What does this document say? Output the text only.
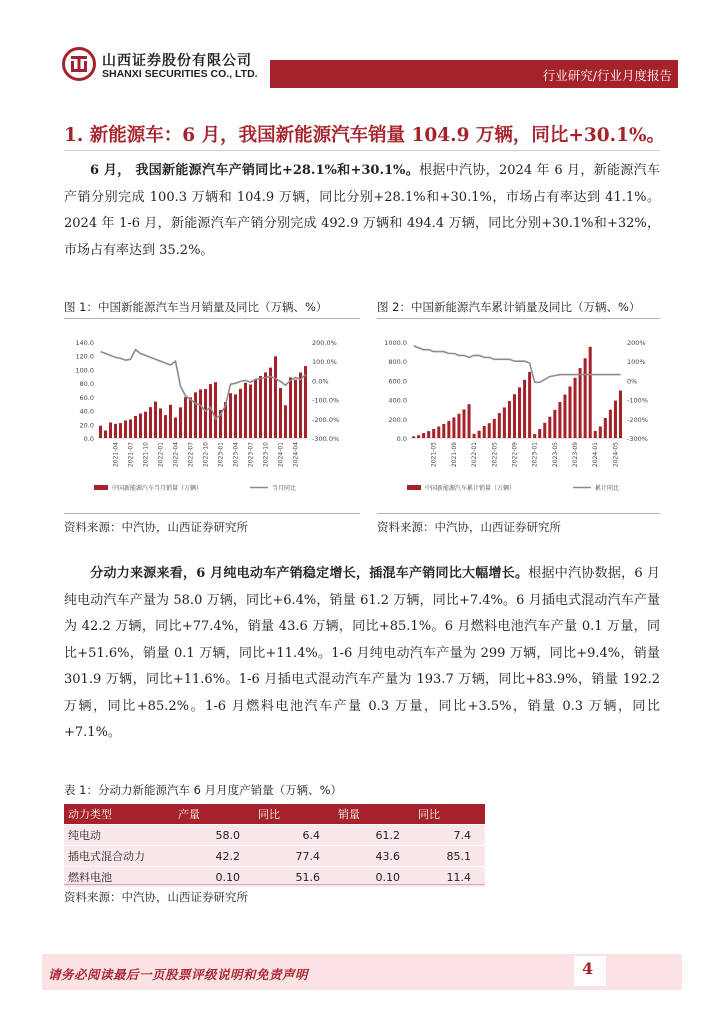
山西证券股份有限公司
SHANXI SECURITIES CO., LTD.	行业研究/行业月度报告
1. 新能源车：6 月，我国新能源汽车销量 104.9 万辆，同比+30.1%。
6 月， 我国新能源汽车产销同比+28.1%和+30.1%。根据中汽协，2024 年 6 月，新能源汽车产销分别完成 100.3 万辆和 104.9 万辆，同比分别+28.1%和+30.1%，市场占有率达到 41.1%。2024 年 1-6 月，新能源汽车产销分别完成 492.9 万辆和 494.4 万辆，同比分别+30.1%和+32%，市场占有率达到 35.2%。
图 1：中国新能源汽车当月销量及同比（万辆、%）	图 2：中国新能源汽车累计销量及同比（万辆、%）
0.0
20.0
40.0
60.0
80.0
100.0
120.0
140.0
-300.0%
-200.0%
-100.0%
0.0%
100.0%
200.0%
2021-04 2021-07 2021-10 2022-01 2022-04 2022-07 2022-10 2023-01 2023-04 2023-07 2023-10 2024-01 2024-04
中国新能源汽车当月销量（万辆）	当月同比
0.0
200.0
400.0
600.0
800.0
1000.0
-300%
-200%
-100%
0%
100%
200%
2021-05 2021-09 2022-01 2022-05 2022-09 2023-01 2023-05 2023-09 2024-01 2024-05
中国新能源汽车累计销量（万辆）	累计同比
资料来源：中汽协，山西证券研究所	资料来源：中汽协，山西证券研究所
分动力来源来看，6 月纯电动车产销稳定增长，插混车产销同比大幅增长。根据中汽协数据，6 月纯电动汽车产量为 58.0 万辆，同比+6.4%，销量 61.2 万辆，同比+7.4%。6 月插电式混动汽车产量为 42.2 万辆，同比+77.4%，销量 43.6 万辆，同比+85.1%。6 月燃料电池汽车产量 0.1 万量，同比+51.6%，销量 0.1 万辆，同比+11.4%。1-6 月纯电动汽车产量为 299 万辆，同比+9.4%，销量 301.9 万辆，同比+11.6%。1-6 月插电式混动汽车产量为 193.7 万辆，同比+83.9%，销量 192.2 万辆，同比+85.2%。1-6 月燃料电池汽车产量 0.3 万量，同比+3.5%，销量 0.3 万辆，同比+7.1%。
表 1：分动力新能源汽车 6 月月度产销量（万辆、%）
动力类型	产量	同比	销量	同比
纯电动	58.0	6.4	61.2	7.4
插电式混合动力	42.2	77.4	43.6	85.1
燃料电池	0.10	51.6	0.10	11.4
资料来源：中汽协，山西证券研究所
请务必阅读最后一页股票评级说明和免责声明	4
